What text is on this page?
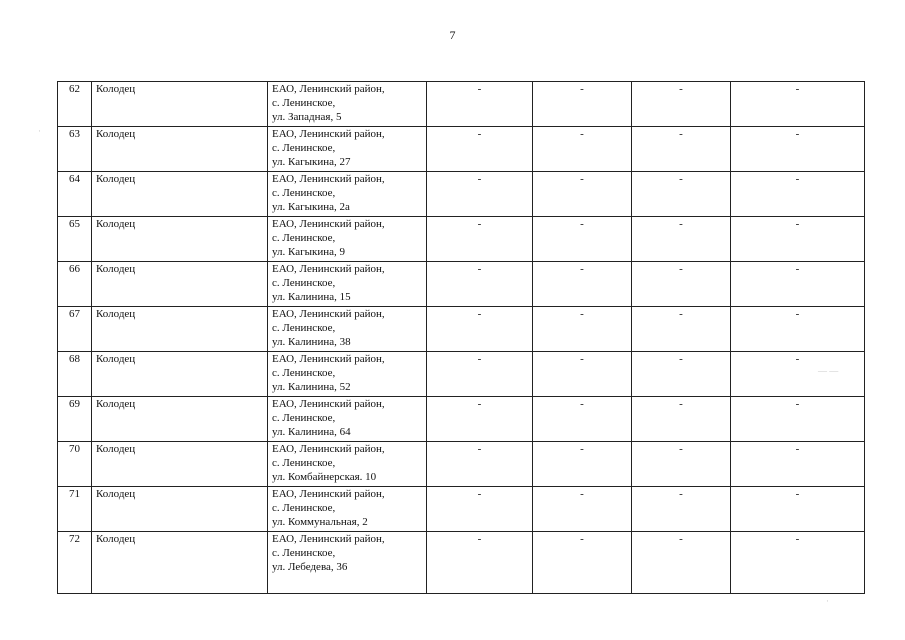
7
62	Колодец	ЕАО, Ленинский район,
с. Ленинское,
ул. Западная, 5	-	-	-	-
63	Колодец	ЕАО, Ленинский район,
с. Ленинское,
ул. Кагыкина, 27	-	-	-	-
64	Колодец	ЕАО, Ленинский район,
с. Ленинское,
ул. Кагыкина, 2а	-	-	-	-
65	Колодец	ЕАО, Ленинский район,
с. Ленинское,
ул. Кагыкина, 9	-	-	-	-
66	Колодец	ЕАО, Ленинский район,
с. Ленинское,
ул. Калинина, 15	-	-	-	-
67	Колодец	ЕАО, Ленинский район,
с. Ленинское,
ул. Калинина, 38	-	-	-	-
68	Колодец	ЕАО, Ленинский район,
с. Ленинское,
ул. Калинина, 52	-	-	-	-
69	Колодец	ЕАО, Ленинский район,
с. Ленинское,
ул. Калинина, 64	-	-	-	-
70	Колодец	ЕАО, Ленинский район,
с. Ленинское,
ул. Комбайнерская. 10	-	-	-	-
71	Колодец	ЕАО, Ленинский район,
с. Ленинское,
ул. Коммунальная, 2	-	-	-	-
72	Колодец	ЕАО, Ленинский район,
с. Ленинское,
ул. Лебедева, 36	-	-	-	-
·
— —
·
